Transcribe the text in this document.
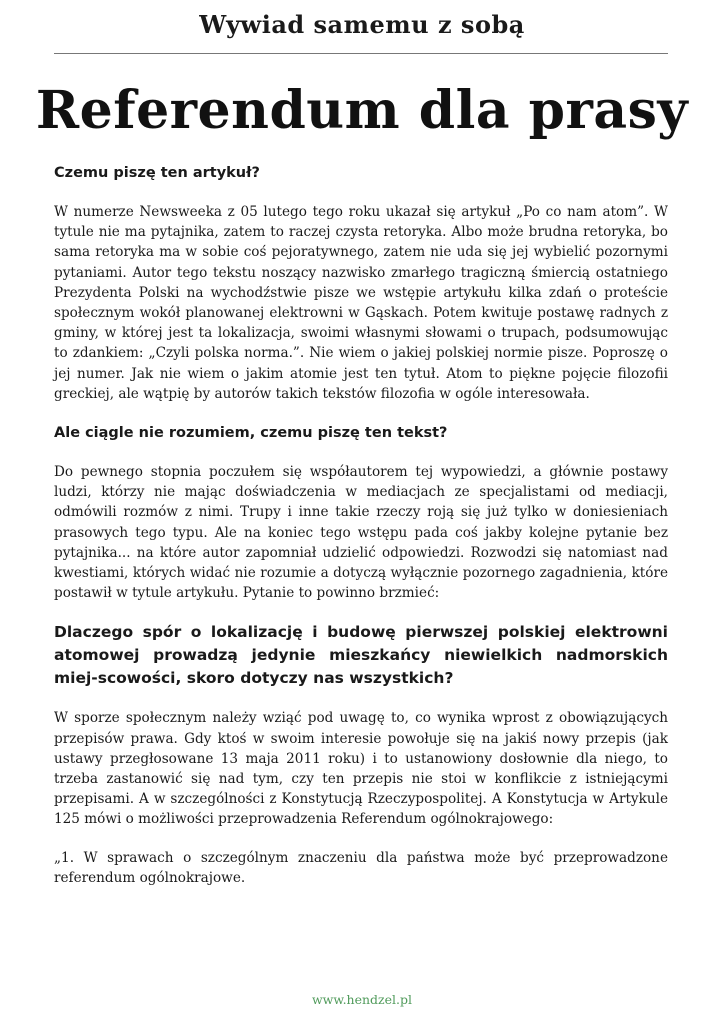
Wywiad samemu z sobą
Referendum dla prasy
Czemu piszę ten artykuł?

W numerze Newsweeka z 05 lutego tego roku ukazał się artykuł „Po co nam atom”. W tytule nie ma pytajnika, zatem to raczej czysta retoryka. Albo może brudna retoryka, bo sama retoryka ma w sobie coś pejoratywnego, zatem nie uda się jej wybielić pozornymi pytaniami. Autor tego tekstu noszący nazwisko zmarłego tragiczną śmiercią ostatniego Prezydenta Polski na wychodźstwie pisze we wstępie artykułu kilka zdań o proteście społecznym wokół planowanej elektrowni w Gąskach. Potem kwituje postawę radnych z gminy, w której jest ta lokalizacja, swoimi własnymi słowami o trupach, podsumowując to zdankiem: „Czyli polska norma.”. Nie wiem o jakiej polskiej normie pisze. Poproszę o jej numer. Jak nie wiem o jakim atomie jest ten tytuł. Atom to piękne pojęcie filozofii greckiej, ale wątpię by autorów takich tekstów filozofia w ogóle interesowała.

Ale ciągle nie rozumiem, czemu piszę ten tekst?

Do pewnego stopnia poczułem się współautorem tej wypowiedzi, a głównie postawy ludzi, którzy nie mając doświadczenia w mediacjach ze specjalistami od mediacji, odmówili rozmów z nimi. Trupy i inne takie rzeczy roją się już tylko w doniesieniach prasowych tego typu. Ale na koniec tego wstępu pada coś jakby kolejne pytanie bez pytajnika... na które autor zapomniał udzielić odpowiedzi. Rozwodzi się natomiast nad kwestiami, których widać nie rozumie a dotyczą wyłącznie pozornego zagadnienia, które postawił w tytule artykułu. Pytanie to powinno brzmieć:

Dlaczego spór o lokalizację i budowę pierwszej polskiej elektrowni atomowej prowadzą jedynie mieszkańcy niewielkich nadmorskich miej-scowości, skoro dotyczy nas wszystkich?

W sporze społecznym należy wziąć pod uwagę to, co wynika wprost z obowiązujących przepisów prawa. Gdy ktoś w swoim interesie powołuje się na jakiś nowy przepis (jak ustawy przegłosowane 13 maja 2011 roku) i to ustanowiony dosłownie dla niego, to trzeba zastanowić się nad tym, czy ten przepis nie stoi w konflikcie z istniejącymi przepisami. A w szczególności z Konstytucją Rzeczypospolitej. A Konstytucja w Artykule 125 mówi o możliwości przeprowadzenia Referendum ogólnokrajowego:

„1. W sprawach o szczególnym znaczeniu dla państwa może być przeprowadzone referendum ogólnokrajowe.

www.hendzel.pl
